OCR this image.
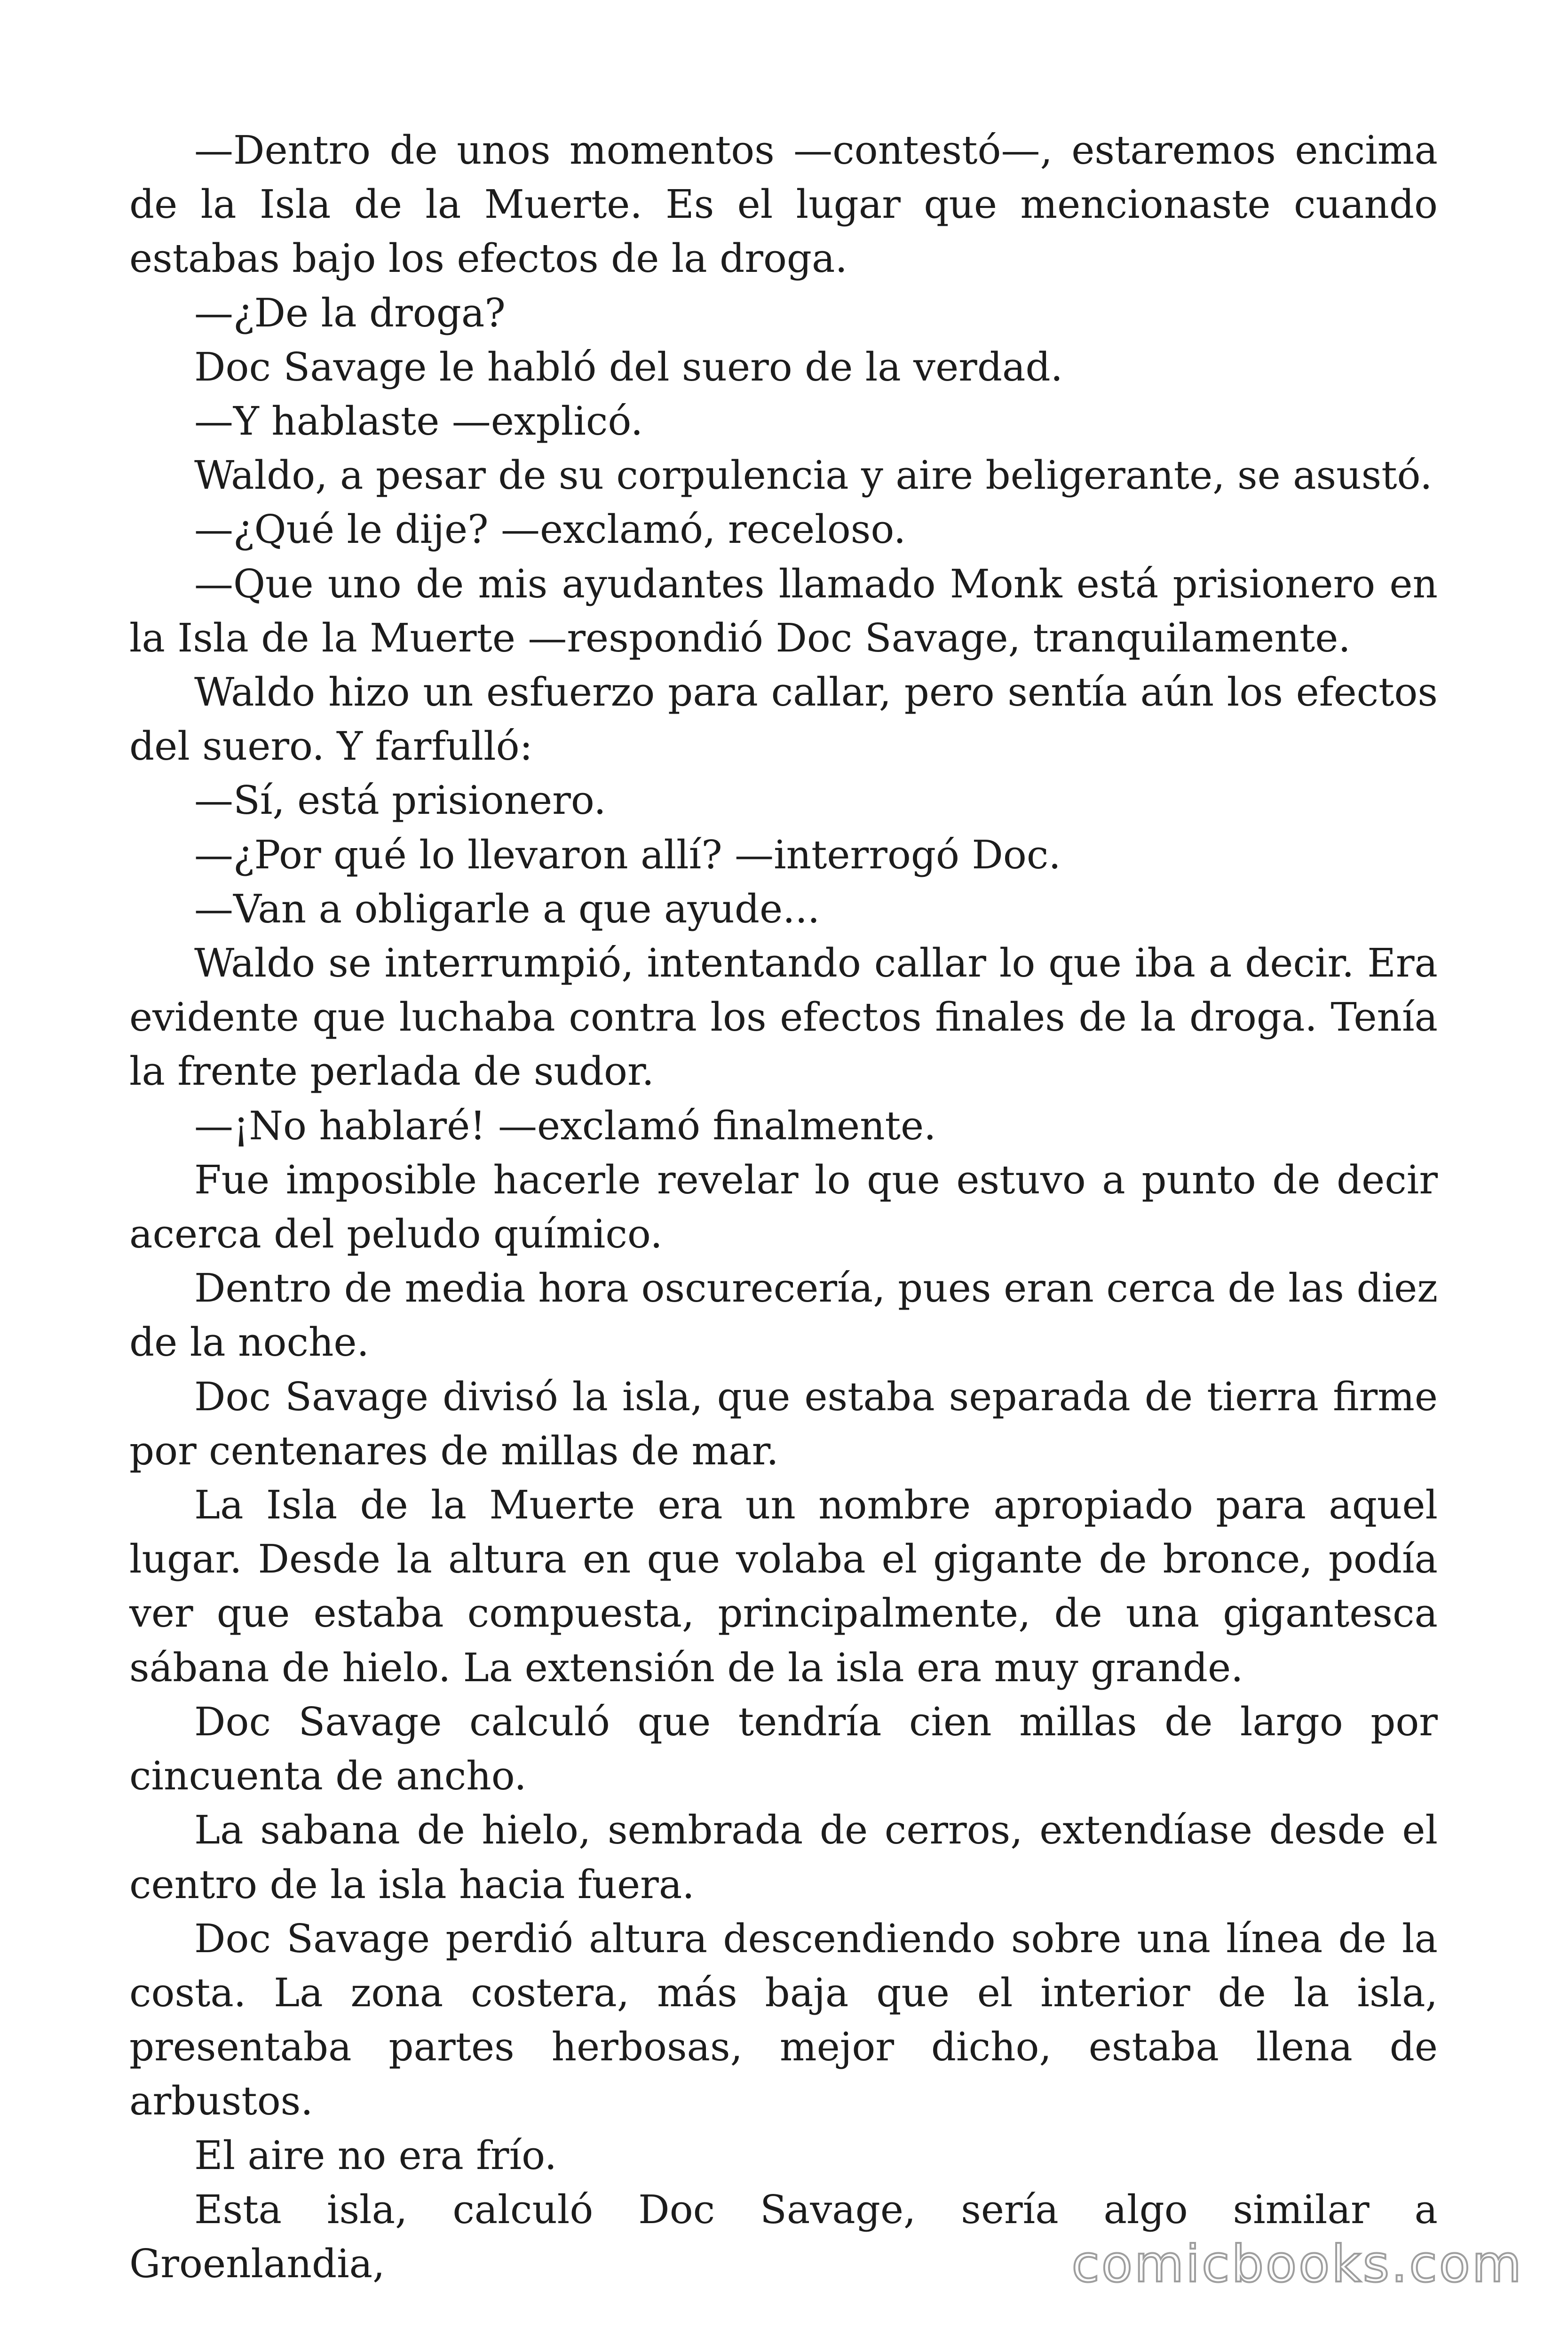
—Dentro de unos momentos —contestó—, estaremos encima de la Isla de la Muerte. Es el lugar que mencionaste cuando estabas bajo los efectos de la droga.

—¿De la droga?

Doc Savage le habló del suero de la verdad.

—Y hablaste —explicó.

Waldo, a pesar de su corpulencia y aire beligerante, se asustó.

—¿Qué le dije? —exclamó, receloso.

—Que uno de mis ayudantes llamado Monk está prisionero en la Isla de la Muerte —respondió Doc Savage, tranquilamente.

Waldo hizo un esfuerzo para callar, pero sentía aún los efectos del suero. Y farfulló:

—Sí, está prisionero.

—¿Por qué lo llevaron allí? —interrogó Doc.

—Van a obligarle a que ayude...

Waldo se interrumpió, intentando callar lo que iba a decir. Era evidente que luchaba contra los efectos finales de la droga. Tenía la frente perlada de sudor.

—¡No hablaré! —exclamó finalmente.

Fue imposible hacerle revelar lo que estuvo a punto de decir acerca del peludo químico.

Dentro de media hora oscurecería, pues eran cerca de las diez de la noche.

Doc Savage divisó la isla, que estaba separada de tierra firme por centenares de millas de mar.

La Isla de la Muerte era un nombre apropiado para aquel lugar. Desde la altura en que volaba el gigante de bronce, podía ver que estaba compuesta, principalmente, de una gigantesca sábana de hielo. La extensión de la isla era muy grande.

Doc Savage calculó que tendría cien millas de largo por cincuenta de ancho.

La sabana de hielo, sembrada de cerros, extendíase desde el centro de la isla hacia fuera.

Doc Savage perdió altura descendiendo sobre una línea de la costa. La zona costera, más baja que el interior de la isla, presentaba partes herbosas, mejor dicho, estaba llena de arbustos.

El aire no era frío.

Esta isla, calculó Doc Savage, sería algo similar a Groenlandia,	comicbooks.com
